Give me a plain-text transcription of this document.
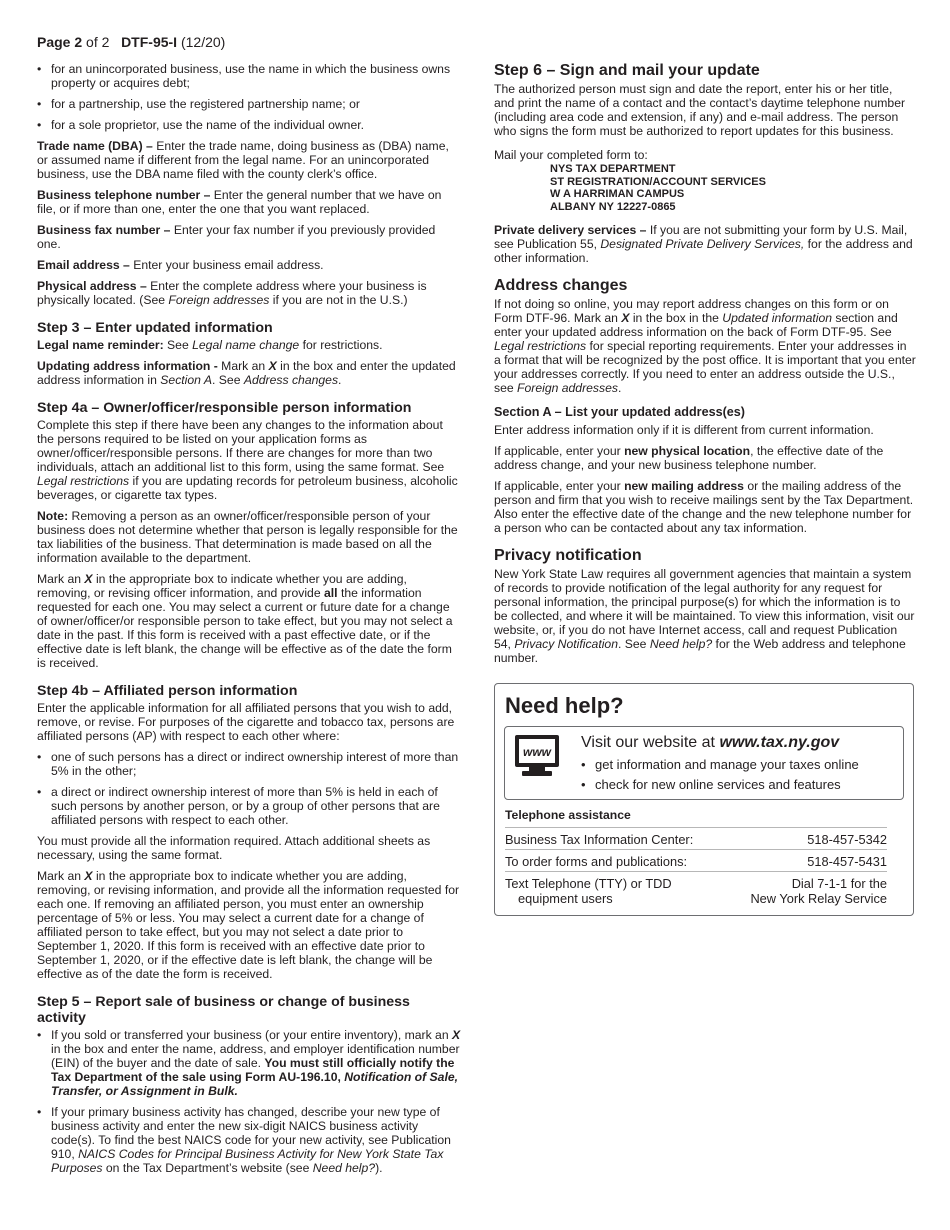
Page 2 of 2 DTF-95-I (12/20)
• for an unincorporated business, use the name in which the business owns property or acquires debt;
• for a partnership, use the registered partnership name; or
• for a sole proprietor, use the name of the individual owner.

Trade name (DBA) – Enter the trade name, doing business as (DBA) name, or assumed name if different from the legal name. For an unincorporated business, use the DBA name filed with the county clerk’s office.

Business telephone number – Enter the general number that we have on file, or if more than one, enter the one that you want replaced.

Business fax number – Enter your fax number if you previously provided one.

Email address – Enter your business email address.

Physical address – Enter the complete address where your business is physically located. (See Foreign addresses if you are not in the U.S.)

Step 3 – Enter updated information

Legal name reminder: See Legal name change for restrictions.

Updating address information - Mark an X in the box and enter the updated address information in Section A. See Address changes.

Step 4a – Owner/officer/responsible person information

Complete this step if there have been any changes to the information about the persons required to be listed on your application forms as owner/officer/responsible persons. If there are changes for more than two individuals, attach an additional list to this form, using the same format. See Legal restrictions if you are updating records for petroleum business, alcoholic beverages, or cigarette tax types.

Note: Removing a person as an owner/officer/responsible person of your business does not determine whether that person is legally responsible for the tax liabilities of the business. That determination is made based on all the information available to the department.

Mark an X in the appropriate box to indicate whether you are adding, removing, or revising officer information, and provide all the information requested for each one. You may select a current or future date for a change of owner/officer/or responsible person to take effect, but you may not select a date in the past. If this form is received with a past effective date, or if the effective date is left blank, the change will be effective as of the date the form is received.

Step 4b – Affiliated person information

Enter the applicable information for all affiliated persons that you wish to add, remove, or revise. For purposes of the cigarette and tobacco tax, persons are affiliated persons (AP) with respect to each other where:

• one of such persons has a direct or indirect ownership interest of more than 5% in the other;
• a direct or indirect ownership interest of more than 5% is held in each of such persons by another person, or by a group of other persons that are affiliated persons with respect to each other.

You must provide all the information required. Attach additional sheets as necessary, using the same format.

Mark an X in the appropriate box to indicate whether you are adding, removing, or revising information, and provide all the information requested for each one. If removing an affiliated person, you must enter an ownership percentage of 5% or less. You may select a current date for a change of affiliated person to take effect, but you may not select a date prior to September 1, 2020. If this form is received with an effective date prior to September 1, 2020, or if the effective date is left blank, the change will be effective as of the date the form is received.

Step 5 – Report sale of business or change of business activity
• If you sold or transferred your business (or your entire inventory), mark an X in the box and enter the name, address, and employer identification number (EIN) of the buyer and the date of sale. You must still officially notify the Tax Department of the sale using Form AU-196.10, Notification of Sale, Transfer, or Assignment in Bulk.
• If your primary business activity has changed, describe your new type of business activity and enter the new six-digit NAICS business activity code(s). To find the best NAICS code for your new activity, see Publication 910, NAICS Codes for Principal Business Activity for New York State Tax Purposes on the Tax Department’s website (see Need help?).
Step 6 – Sign and mail your update

The authorized person must sign and date the report, enter his or her title, and print the name of a contact and the contact’s daytime telephone number (including area code and extension, if any) and e-mail address. The person who signs the form must be authorized to report updates for this business.

Mail your completed form to:

NYS TAX DEPARTMENT
ST REGISTRATION/ACCOUNT SERVICES
W A HARRIMAN CAMPUS
ALBANY NY 12227-0865

Private delivery services – If you are not submitting your form by U.S. Mail, see Publication 55, Designated Private Delivery Services, for the address and other information.

Address changes

If not doing so online, you may report address changes on this form or on Form DTF-96. Mark an X in the box in the Updated information section and enter your updated address information on the back of Form DTF-95. See Legal restrictions for special reporting requirements. Enter your addresses in a format that will be recognized by the post office. It is important that you enter your addresses correctly. If you need to enter an address outside the U.S., see Foreign addresses.

Section A – List your updated address(es)

Enter address information only if it is different from current information.

If applicable, enter your new physical location, the effective date of the address change, and your new business telephone number.

If applicable, enter your new mailing address or the mailing address of the person and firm that you wish to receive mailings sent by the Tax Department. Also enter the effective date of the change and the new telephone number for a person who can be contacted about any tax information.

Privacy notification

New York State Law requires all government agencies that maintain a system of records to provide notification of the legal authority for any request for personal information, the principal purpose(s) for which the information is to be collected, and where it will be maintained. To view this information, visit our website, or, if you do not have Internet access, call and request Publication 54, Privacy Notification. See Need help? for the Web address and telephone number.

Need help?
www
Visit our website at www.tax.ny.gov
• get information and manage your taxes online
• check for new online services and features
Telephone assistance
Business Tax Information Center:	518-457-5342
To order forms and publications:	518-457-5431
Text Telephone (TTY) or TDD
equipment users
Dial 7-1-1 for the
New York Relay Service
